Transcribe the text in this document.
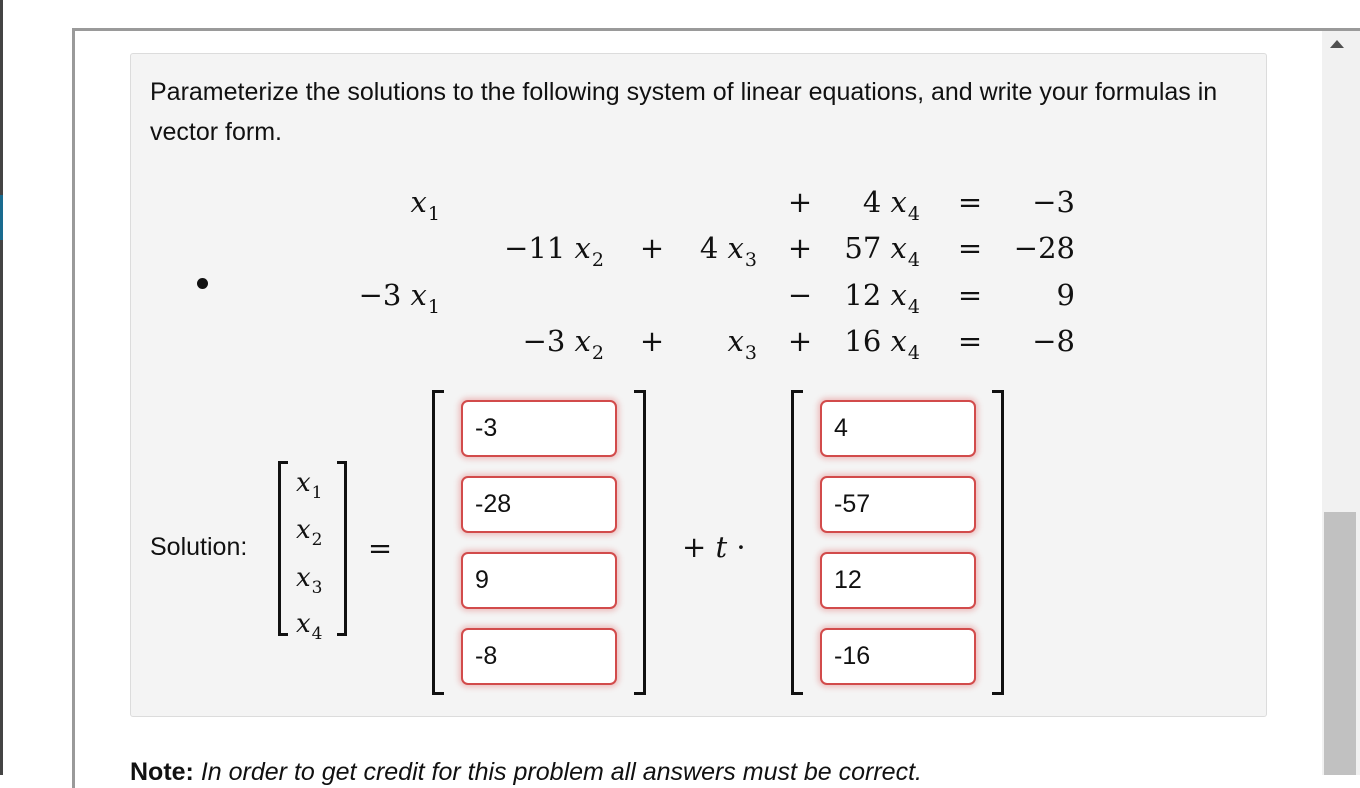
Parameterize the solutions to the following system of linear equations, and write your formulas in vector form.
$x_1$	+	4 $x_4$ =	−3
−11 $x_2$ +	4 $x_3$ +	57 $x_4$ =	−28
−3 $x_1$	−	12 $x_4$ =	9
−3 $x_2$ +	$x_3$ +	16 $x_4$ =	−8
Solution:
$x_1$
$x_2$
$x_3$
$x_4$
=
-3
-28
9
-8
+ t ·
4
-57
12
-16
Note: In order to get credit for this problem all answers must be correct.
